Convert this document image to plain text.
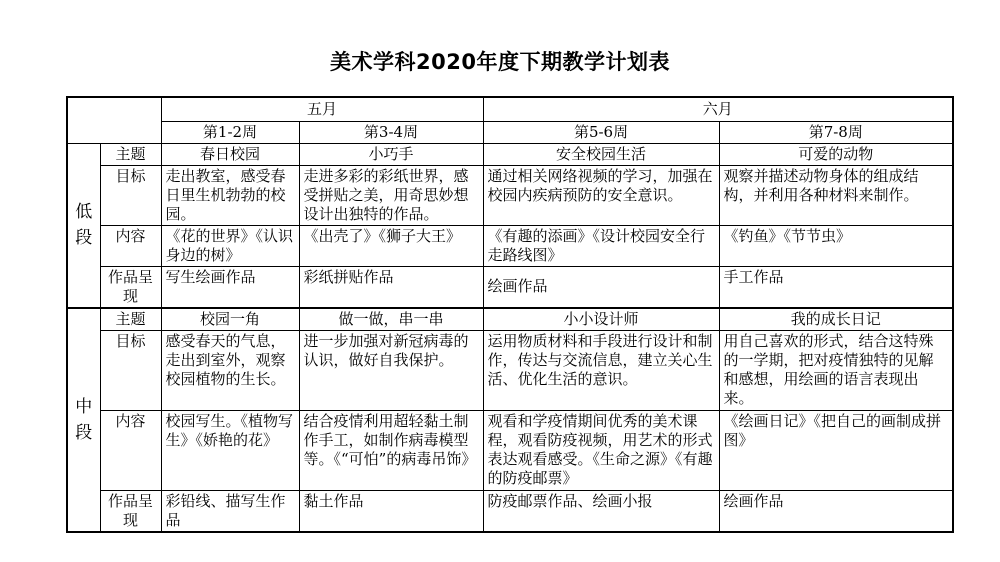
美术学科2020年度下期教学计划表
		五月		六月	
		第1-2周	第3-4周	第5-6周	第7-8周
低段	主题	春日校园	小巧手	安全校园生活	可爱的动物
	目标	走出教室，感受春日里生机勃勃的校园。	走进多彩的彩纸世界，感受拼贴之美，用奇思妙想设计出独特的作品。	通过相关网络视频的学习，加强在校园内疾病预防的安全意识。	观察并描述动物身体的组成结构，并利用各种材料来制作。
	内容	《花的世界》《认识身边的树》	《出壳了》《狮子大王》	《有趣的添画》《设计校园安全行走路线图》	《钓鱼》《节节虫》
	作品呈现	写生绘画作品	彩纸拼贴作品	绘画作品	手工作品
中段	主题	校园一角	做一做，串一串	小小设计师	我的成长日记
	目标	感受春天的气息，走出到室外，观察校园植物的生长。	进一步加强对新冠病毒的认识，做好自我保护。	运用物质材料和手段进行设计和制作，传达与交流信息，建立关心生活、优化生活的意识。	用自己喜欢的形式，结合这特殊的一学期，把对疫情独特的见解和感想，用绘画的语言表现出来。
	内容	校园写生。《植物写生》《娇艳的花》	结合疫情利用超轻黏土制作手工，如制作病毒模型等。《“可怕”的病毒吊饰》	观看和学疫情期间优秀的美术课程，观看防疫视频，用艺术的形式表达观看感受。《生命之源》《有趣的防疫邮票》	《绘画日记》《把自己的画制成拼图》
	作品呈现	彩铅线、描写生作品	黏土作品	防疫邮票作品、绘画小报	绘画作品
